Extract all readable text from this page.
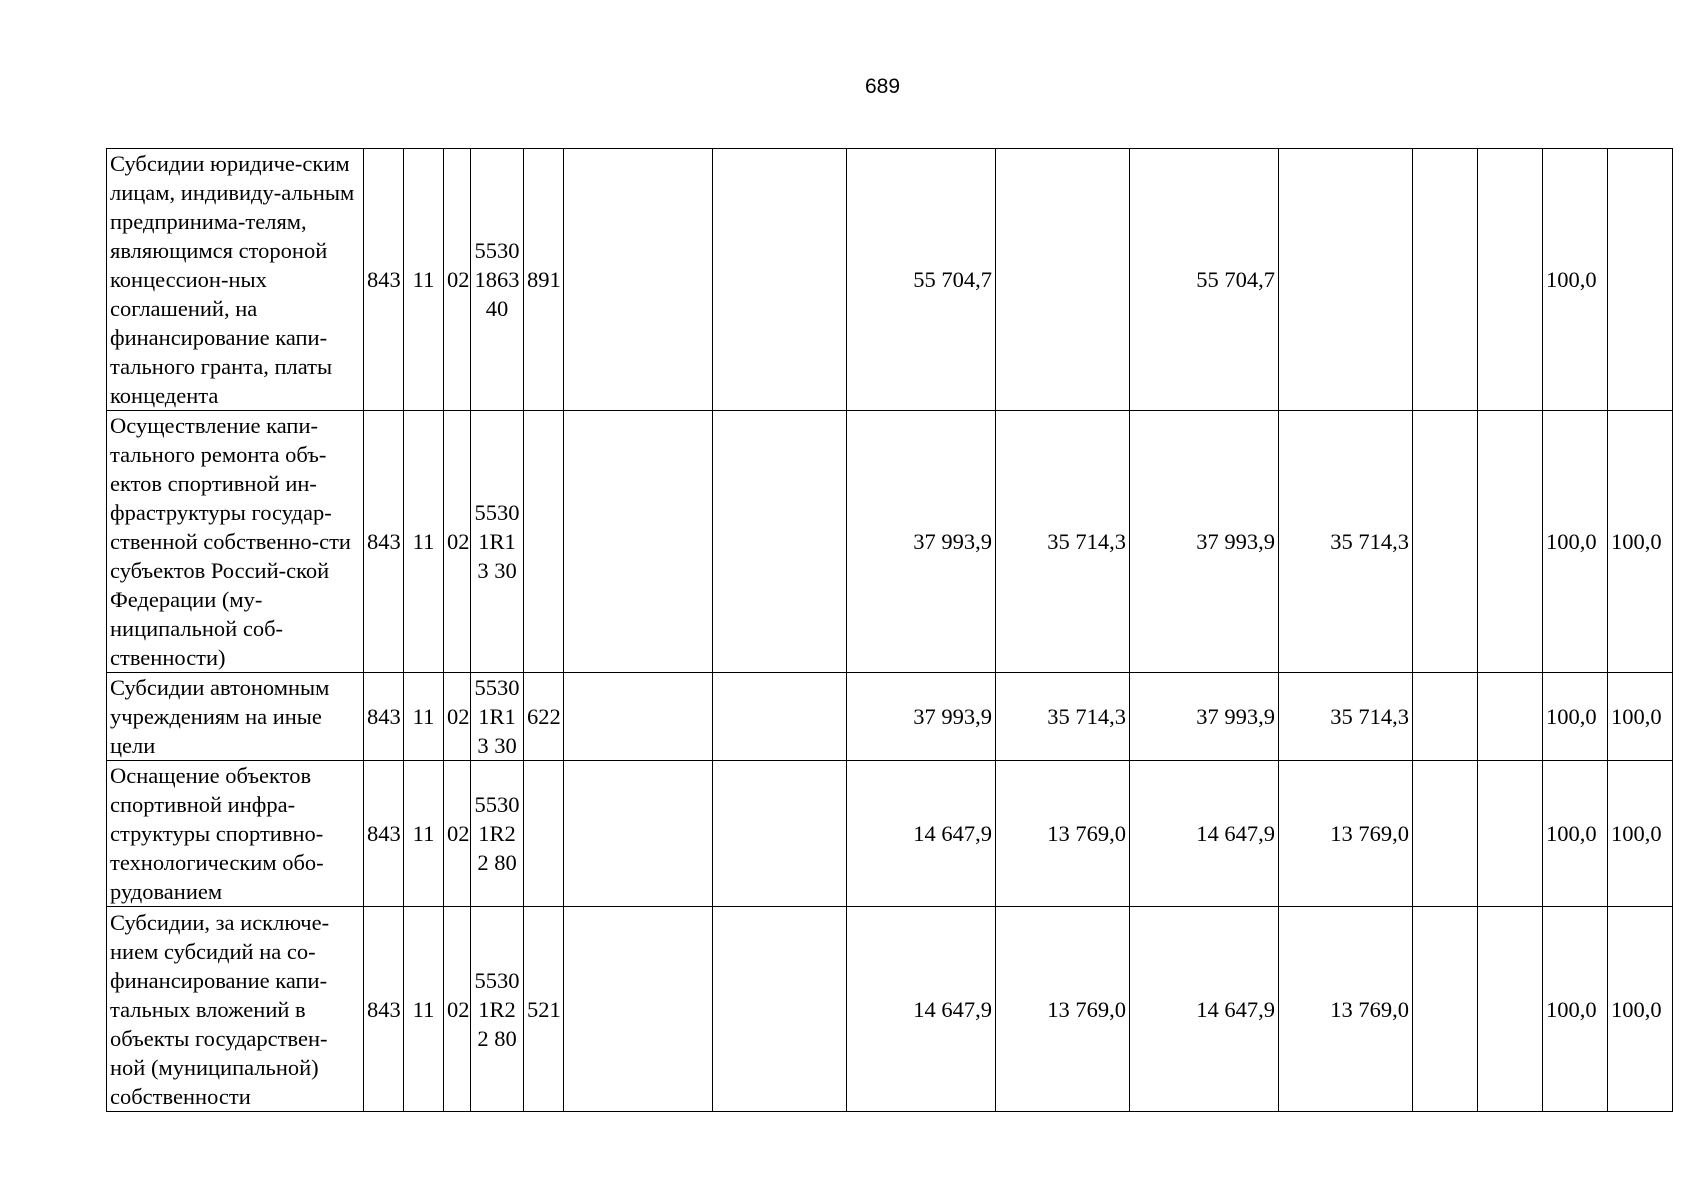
689
Субсидии юридиче-ским лицам, индивиду-альным предпринима-телям, являющимся стороной концессион-ных соглашений, на финансирование капи-тального гранта, платы концедента	843	11	02	55301863 40	891			55 704,7		55 704,7				100,0	
Осуществление капи-тального ремонта объ-ектов спортивной ин-фраструктуры государ-ственной собственно-сти субъектов Россий-ской Федерации (му-ниципальной соб-ственности)	843	11	02	55301R13 30				37 993,9	35 714,3	37 993,9	35 714,3			100,0	100,0
Субсидии автономным учреждениям на иные цели	843	11	02	55301R13 30	622			37 993,9	35 714,3	37 993,9	35 714,3			100,0	100,0
Оснащение объектов спортивной инфра-структуры спортивно-технологическим обо-рудованием	843	11	02	55301R22 80				14 647,9	13 769,0	14 647,9	13 769,0			100,0	100,0
Субсидии, за исключе-нием субсидий на со-финансирование капи-тальных вложений в объекты государствен-ной (муниципальной) собственности	843	11	02	55301R22 80	521			14 647,9	13 769,0	14 647,9	13 769,0			100,0	100,0
